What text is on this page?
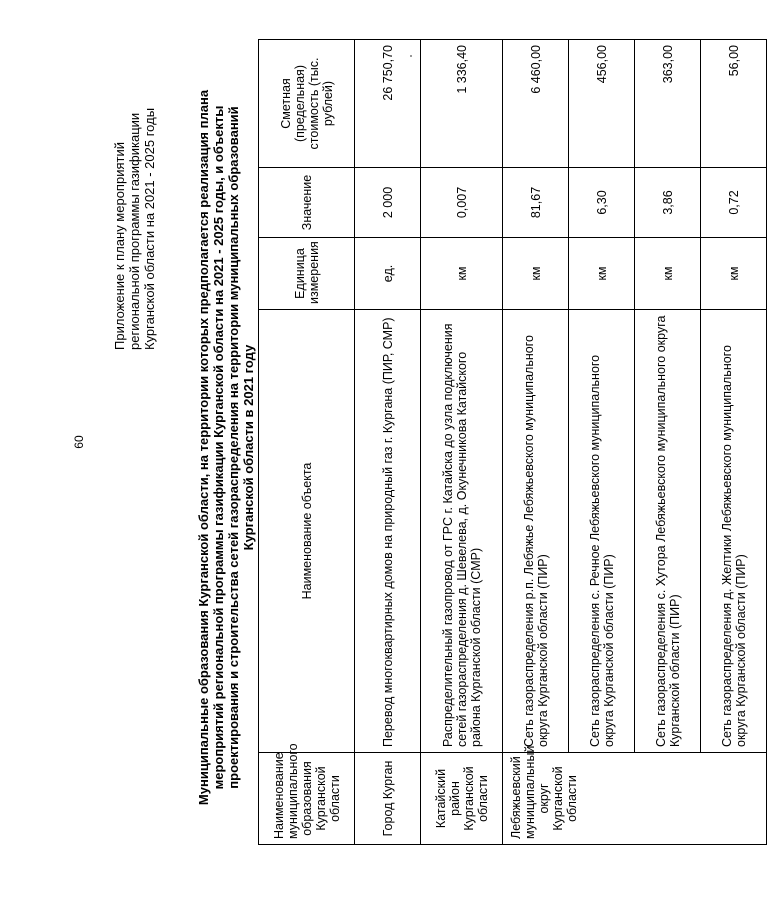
60
Приложение к плану мероприятий региональной программы газификации Курганской области на 2021 - 2025 годы	Муниципальные образования Курганской области, на территории которых предполагается реализация плана мероприятий региональной программы газификации Курганской области на 2021 - 2025 годы, и объекты проектирования и строительства сетей газораспределения на территории муниципальных образований Курганской области в 2021 году
Наименование муниципального образования Курганской области	Наименование объекта	Единица измерения	Значение	Сметная (предельная) стоимость (тыс. рублей)
Город Курган	Перевод многоквартирных домов на природный газ г. Кургана (ПИР, СМР)	ед.	2 000	26 750,70
Катайский район Курганской области	Распределительный газопровод от ГРС г. Катайска до узла подключения сетей газораспределения д. Шевелева, д. Окунечникова Катайского района Курганской области (СМР)	км	0,007	1 336,40
Лебяжьевский муниципальный округ Курганской области	Сеть газораспределения р.п. Лебяжье Лебяжьевского муниципального округа Курганской области (ПИР)	км	81,67	6 460,00
	Сеть газораспределения с. Речное Лебяжьевского муниципального округа Курганской области (ПИР)	км	6,30	456,00
	Сеть газораспределения с. Хутора Лебяжьевского муниципального округа Курганской области (ПИР)	км	3,86	363,00
	Сеть газораспределения д. Желтики Лебяжьевского муниципального округа Курганской области (ПИР)	км	0,72	56,00
